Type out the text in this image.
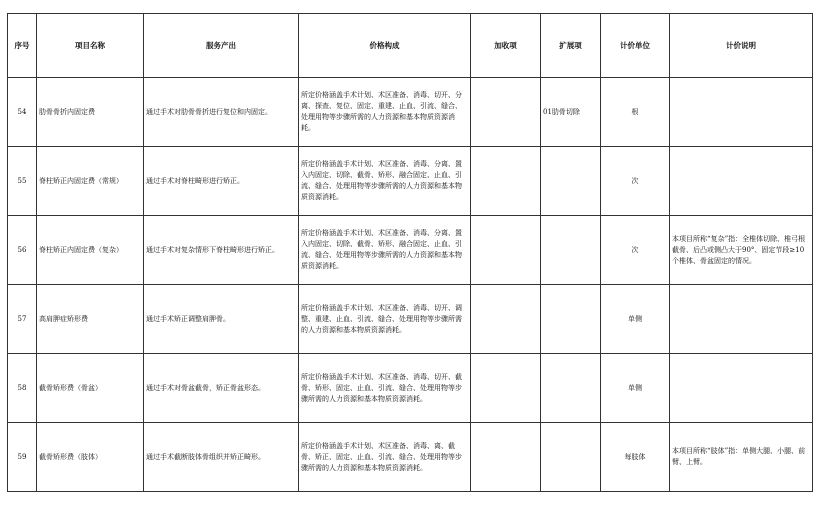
序号	项目名称	服务产出	价格构成	加收项	扩展项	计价单位	计价说明
54	肋骨骨折内固定费	通过手术对肋骨骨折进行复位和内固定。	所定价格涵盖手术计划、术区准备、消毒、切开、分离、探查、复位、固定、重建、止血、引流、缝合、处理用物等步骤所需的人力资源和基本物质资源消耗。		01肋骨切除	根	
55	脊柱矫正内固定费（常规）	通过手术对脊柱畸形进行矫正。	所定价格涵盖手术计划、术区准备、消毒、分离、置入内固定、切除、截骨、矫形、融合固定、止血、引流、缝合、处理用物等步骤所需的人力资源和基本物质资源消耗。			次	
56	脊柱矫正内固定费（复杂）	通过手术对复杂情形下脊柱畸形进行矫正。	所定价格涵盖手术计划、术区准备、消毒、分离、置入内固定、切除、截骨、矫形、融合固定、止血、引流、缝合、处理用物等步骤所需的人力资源和基本物质资源消耗。			次	本项目所称“复杂”指：全椎体切除、椎弓根截骨、后凸或侧凸大于90°、固定节段≥10个椎体、骨盆固定的情况。
57	高肩胛症矫形费	通过手术矫正调整肩胛骨。	所定价格涵盖手术计划、术区准备、消毒、切开、调整、重建、止血、引流、缝合、处理用物等步骤所需的人力资源和基本物质资源消耗。			单侧	
58	截骨矫形费（骨盆）	通过手术对骨盆截骨，矫正骨盆形态。	所定价格涵盖手术计划、术区准备、消毒、切开、截骨、矫形、固定、止血、引流、缝合、处理用物等步骤所需的人力资源和基本物质资源消耗。			单侧	
59	截骨矫形费（肢体）	通过手术截断肢体骨组织并矫正畸形。	所定价格涵盖手术计划、术区准备、消毒、离、截骨、矫正、固定、止血、引流、缝合、处理用物等步骤所需的人力资源和基本物质资源消耗。			每肢体	本项目所称“肢体”指：单侧大腿、小腿、前臂、上臂。
